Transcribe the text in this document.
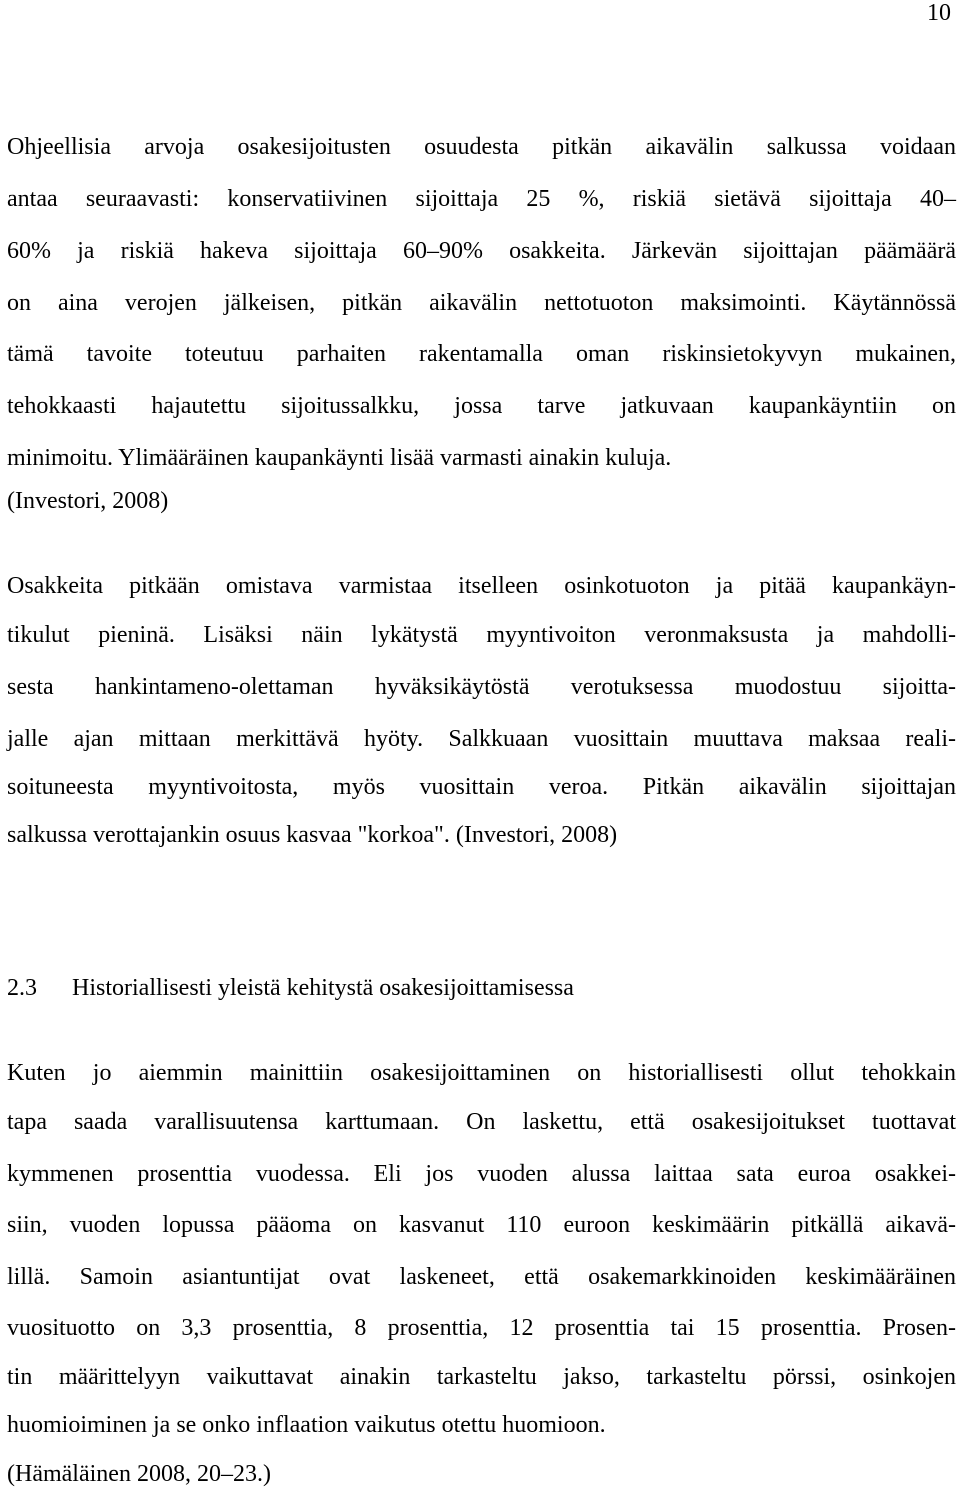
10
Ohjeellisia arvoja osakesijoitusten osuudesta pitkän aikavälin salkussa voidaan
antaa seuraavasti: konservatiivinen sijoittaja 25 %, riskiä sietävä sijoittaja 40–
60% ja riskiä hakeva sijoittaja 60–90% osakkeita. Järkevän sijoittajan päämäärä
on aina verojen jälkeisen, pitkän aikavälin nettotuoton maksimointi. Käytännössä
tämä tavoite toteutuu parhaiten rakentamalla oman riskinsietokyvyn mukainen,
tehokkaasti hajautettu sijoitussalkku, jossa tarve jatkuvaan kaupankäyntiin on
minimoitu. Ylimääräinen kaupankäynti lisää varmasti ainakin kuluja.
(Investori, 2008)
Osakkeita pitkään omistava varmistaa itselleen osinkotuoton ja pitää kaupankäyn-
tikulut pieninä. Lisäksi näin lykätystä myyntivoiton veronmaksusta ja mahdolli-
sesta hankintameno-olettaman hyväksikäytöstä verotuksessa muodostuu sijoitta-
jalle ajan mittaan merkittävä hyöty. Salkkuaan vuosittain muuttava maksaa reali-
soituneesta myyntivoitosta, myös vuosittain veroa. Pitkän aikavälin sijoittajan
salkussa verottajankin osuus kasvaa "korkoa". (Investori, 2008)
2.3 Historiallisesti yleistä kehitystä osakesijoittamisessa
Kuten jo aiemmin mainittiin osakesijoittaminen on historiallisesti ollut tehokkain
tapa saada varallisuutensa karttumaan. On laskettu, että osakesijoitukset tuottavat
kymmenen prosenttia vuodessa. Eli jos vuoden alussa laittaa sata euroa osakkei-
siin, vuoden lopussa pääoma on kasvanut 110 euroon keskimäärin pitkällä aikavä-
lillä. Samoin asiantuntijat ovat laskeneet, että osakemarkkinoiden keskimääräinen
vuosituotto on 3,3 prosenttia, 8 prosenttia, 12 prosenttia tai 15 prosenttia. Prosen-
tin määrittelyyn vaikuttavat ainakin tarkasteltu jakso, tarkasteltu pörssi, osinkojen
huomioiminen ja se onko inflaation vaikutus otettu huomioon.
(Hämäläinen 2008, 20–23.)
